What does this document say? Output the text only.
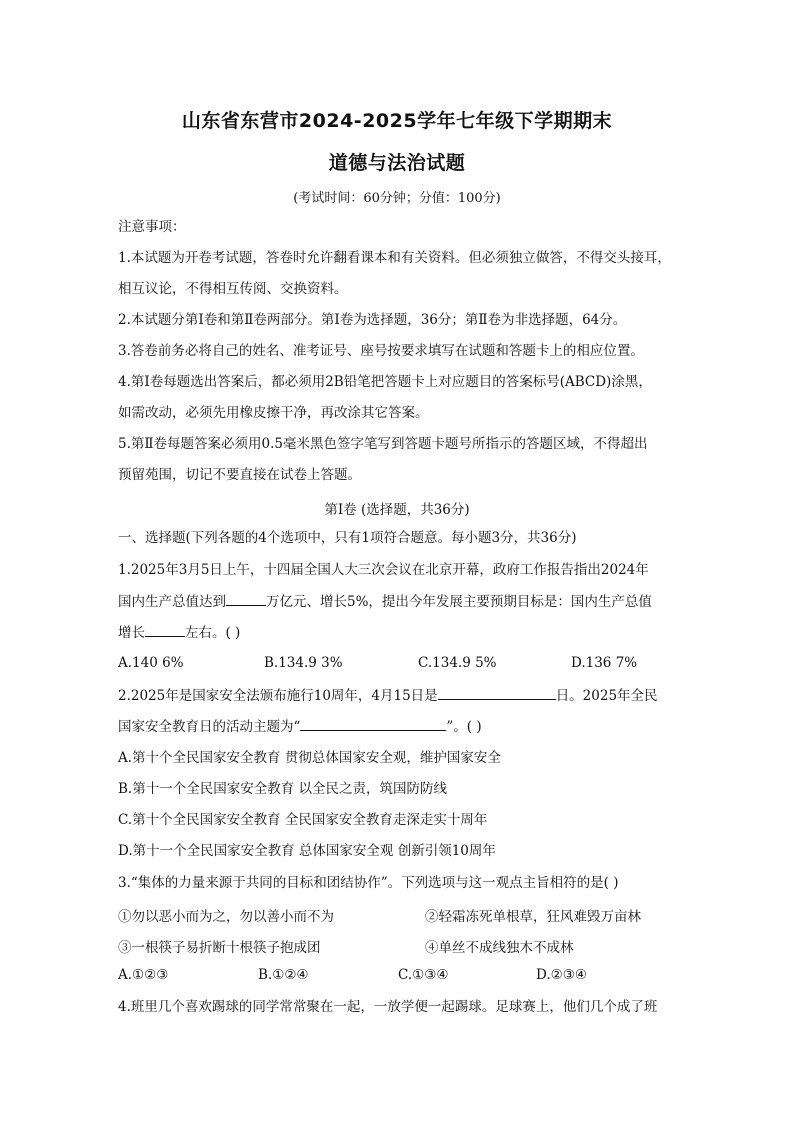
山东省东营市2024-2025学年七年级下学期期末
道德与法治试题
(考试时间：60分钟；分值：100分)
注意事项：
1.本试题为开卷考试题，答卷时允许翻看课本和有关资料。但必须独立做答，不得交头接耳，
相互议论，不得相互传阅、交换资料。
2.本试题分第Ⅰ卷和第Ⅱ卷两部分。第Ⅰ卷为选择题，36分；第Ⅱ卷为非选择题，64分。
3.答卷前务必将自己的姓名、准考证号、座号按要求填写在试题和答题卡上的相应位置。
4.第Ⅰ卷每题选出答案后，都必须用2B铅笔把答题卡上对应题目的答案标号(ABCD)涂黑，
如需改动，必须先用橡皮擦干净，再改涂其它答案。
5.第Ⅱ卷每题答案必须用0.5毫米黑色签字笔写到答题卡题号所指示的答题区域，不得超出
预留苑围，切记不要直接在试卷上答题。
第Ⅰ卷 (选择题，共36分)
一、选择题(下列各题的4个选项中，只有1项符合题意。每小题3分，共36分)
1.2025年3月5日上午，十四届全国人大三次会议在北京开幕，政府工作报告指出2024年
国内生产总值达到	万亿元、增长5%，提出今年发展主要预期目标是：国内生产总值
增长	左右。( )
A.140 6%	B.134.9 3%	C.134.9 5%	D.136 7%
2.2025年是国家安全法颁布施行10周年，4月15日是	日。2025年全民
国家安全教育日的活动主题为“	”。( )
A.第十个全民国家安全教育 贯彻总体国家安全观，维护国家安全
B.第十一个全民国家安全教育 以全民之责，筑国防防线
C.第十个全民国家安全教育 全民国家安全教育走深走实十周年
D.第十一个全民国家安全教育 总体国家安全观 创新引领10周年
3.“集体的力量来源于共同的目标和团结协作”。下列选项与这一观点主旨相符的是( )
①勿以恶小而为之，勿以善小而不为	②轻霜冻死单根草，狂风难毁万亩林
③一根筷子易折断十根筷子抱成团	④单丝不成线独木不成林
A.①②③	B.①②④	C.①③④	D.②③④
4.班里几个喜欢踢球的同学常常聚在一起，一放学便一起踢球。足球赛上，他们几个成了班
